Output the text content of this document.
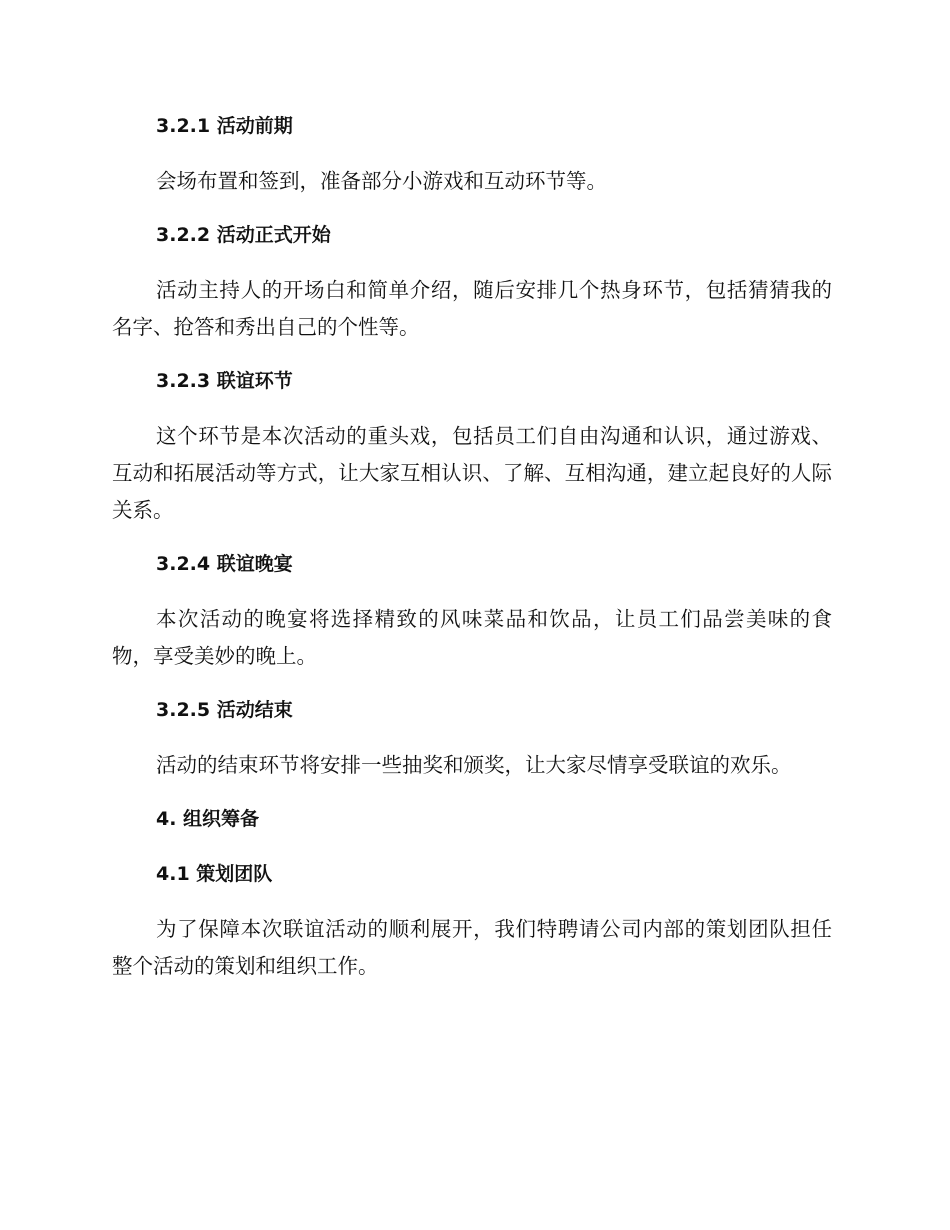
3.2.1 活动前期

会场布置和签到，准备部分小游戏和互动环节等。

3.2.2 活动正式开始

活动主持人的开场白和简单介绍，随后安排几个热身环节，包括猜猜我的名字、抢答和秀出自己的个性等。

3.2.3 联谊环节

这个环节是本次活动的重头戏，包括员工们自由沟通和认识，通过游戏、互动和拓展活动等方式，让大家互相认识、了解、互相沟通，建立起良好的人际关系。

3.2.4 联谊晚宴

本次活动的晚宴将选择精致的风味菜品和饮品，让员工们品尝美味的食物，享受美妙的晚上。

3.2.5 活动结束

活动的结束环节将安排一些抽奖和颁奖，让大家尽情享受联谊的欢乐。

4. 组织筹备
4.1 策划团队

为了保障本次联谊活动的顺利展开，我们特聘请公司内部的策划团队担任整个活动的策划和组织工作。
